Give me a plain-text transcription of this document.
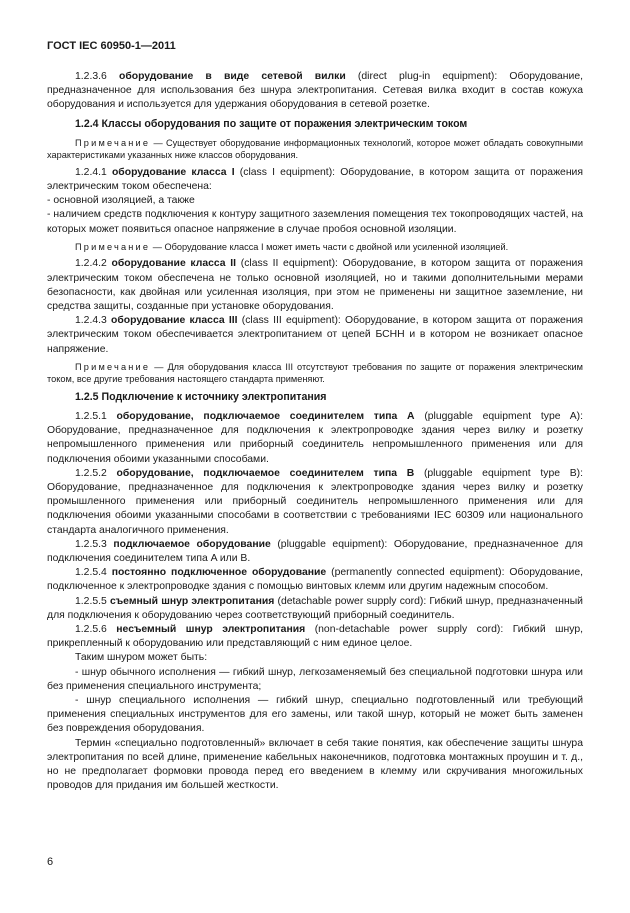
ГОСТ IEC 60950-1—2011

1.2.3.6 оборудование в виде сетевой вилки (direct plug-in equipment): Оборудование, предназначенное для использования без шнура электропитания. Сетевая вилка входит в состав кожуха оборудования и используется для удержания оборудования в сетевой розетке.

1.2.4 Классы оборудования по защите от поражения электрическим током

Примечание — Существует оборудование информационных технологий, которое может обладать совокупными характеристиками указанных ниже классов оборудования.

1.2.4.1 оборудование класса I (class I equipment): Оборудование, в котором защита от поражения электрическим током обеспечена:

- основной изоляцией, а также

- наличием средств подключения к контуру защитного заземления помещения тех токопроводящих частей, на которых может появиться опасное напряжение в случае пробоя основной изоляции.

Примечание — Оборудование класса I может иметь части с двойной или усиленной изоляцией.

1.2.4.2 оборудование класса II (class II equipment): Оборудование, в котором защита от поражения электрическим током обеспечена не только основной изоляцией, но и такими дополнительными мерами безопасности, как двойная или усиленная изоляция, при этом не применены ни защитное заземление, ни средства защиты, созданные при установке оборудования.

1.2.4.3 оборудование класса III (class III equipment): Оборудование, в котором защита от поражения электрическим током обеспечивается электропитанием от цепей БСНН и в котором не возникает опасное напряжение.

Примечание — Для оборудования класса III отсутствуют требования по защите от поражения электрическим током, все другие требования настоящего стандарта применяют.

1.2.5 Подключение к источнику электропитания

1.2.5.1 оборудование, подключаемое соединителем типа A (pluggable equipment type A): Оборудование, предназначенное для подключения к электропроводке здания через вилку и розетку непромышленного применения или приборный соединитель непромышленного применения или для подключения обоими указанными способами.

1.2.5.2 оборудование, подключаемое соединителем типа B (pluggable equipment type B): Оборудование, предназначенное для подключения к электропроводке здания через вилку и розетку промышленного применения или приборный соединитель непромышленного применения или для подключения обоими указанными способами в соответствии с требованиями IEC 60309 или национального стандарта аналогичного применения.

1.2.5.3 подключаемое оборудование (pluggable equipment): Оборудование, предназначенное для подключения соединителем типа A или B.

1.2.5.4 постоянно подключенное оборудование (permanently connected equipment): Оборудование, подключенное к электропроводке здания с помощью винтовых клемм или другим надежным способом.

1.2.5.5 съемный шнур электропитания (detachable power supply cord): Гибкий шнур, предназначенный для подключения к оборудованию через соответствующий приборный соединитель.

1.2.5.6 несъемный шнур электропитания (non-detachable power supply cord): Гибкий шнур, прикрепленный к оборудованию или представляющий с ним единое целое.

Таким шнуром может быть:

- шнур обычного исполнения — гибкий шнур, легкозаменяемый без специальной подготовки шнура или без применения специального инструмента;

- шнур специального исполнения — гибкий шнур, специально подготовленный или требующий применения специальных инструментов для его замены, или такой шнур, который не может быть заменен без повреждения оборудования.

Термин «специально подготовленный» включает в себя такие понятия, как обеспечение защиты шнура электропитания по всей длине, применение кабельных наконечников, подготовка монтажных проушин и т. д., но не предполагает формовки провода перед его введением в клемму или скручивания многожильных проводов для придания им большей жесткости.

6
